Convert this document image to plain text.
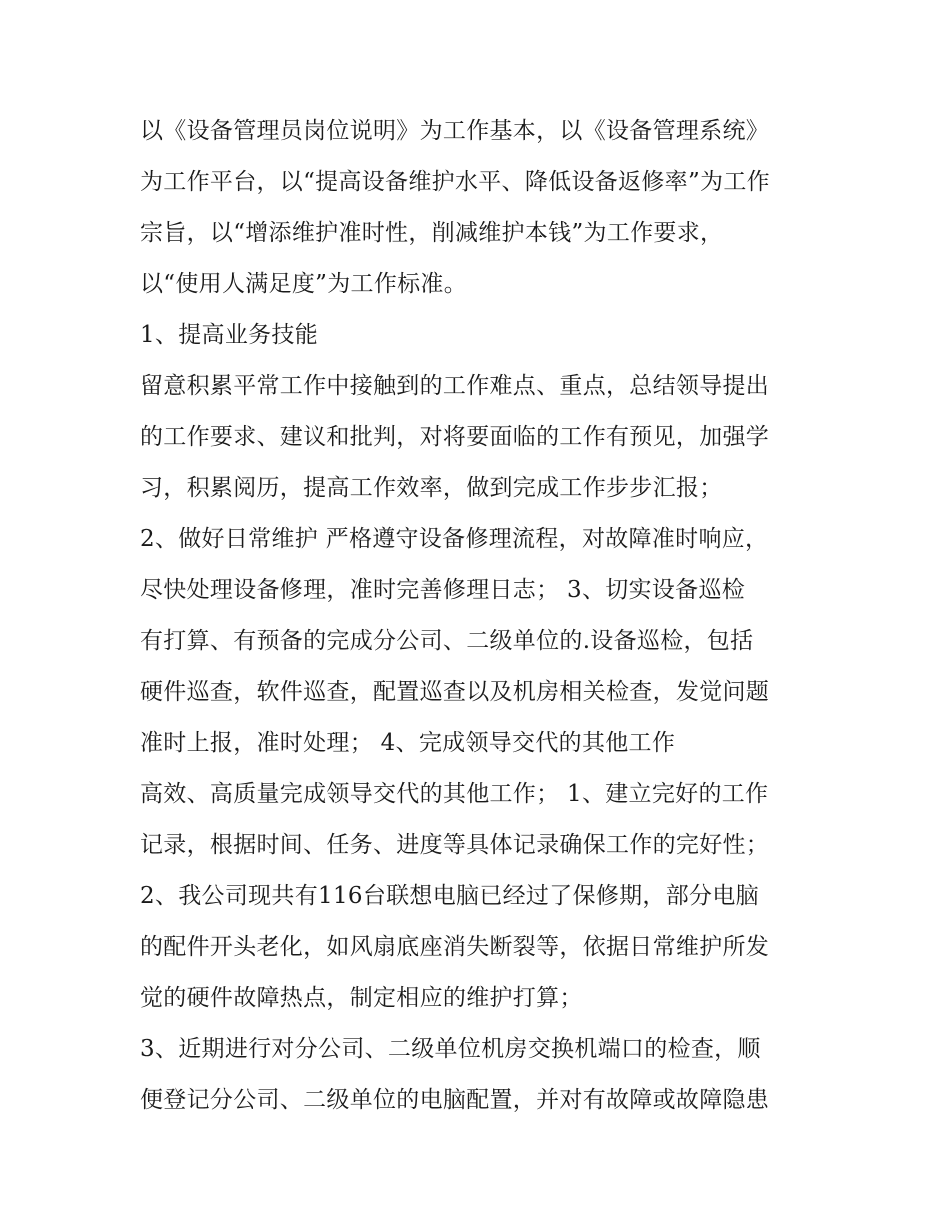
以《设备管理员岗位说明》为工作基本，以《设备管理系统》
为工作平台，以“提高设备维护水平、降低设备返修率”为工作
宗旨，以“增添维护准时性，削减维护本钱”为工作要求，
以“使用人满足度”为工作标准。
1、提高业务技能
留意积累平常工作中接触到的工作难点、重点，总结领导提出
的工作要求、建议和批判，对将要面临的工作有预见，加强学
习，积累阅历，提高工作效率，做到完成工作步步汇报；
2、做好日常维护 严格遵守设备修理流程，对故障准时响应，
尽快处理设备修理，准时完善修理日志； 3、切实设备巡检
有打算、有预备的完成分公司、二级单位的.设备巡检，包括
硬件巡查，软件巡查，配置巡查以及机房相关检查，发觉问题
准时上报，准时处理； 4、完成领导交代的其他工作
高效、高质量完成领导交代的其他工作； 1、建立完好的工作
记录，根据时间、任务、进度等具体记录确保工作的完好性；
2、我公司现共有116台联想电脑已经过了保修期，部分电脑
的配件开头老化，如风扇底座消失断裂等，依据日常维护所发
觉的硬件故障热点，制定相应的维护打算；
3、近期进行对分公司、二级单位机房交换机端口的检查，顺
便登记分公司、二级单位的电脑配置，并对有故障或故障隐患
